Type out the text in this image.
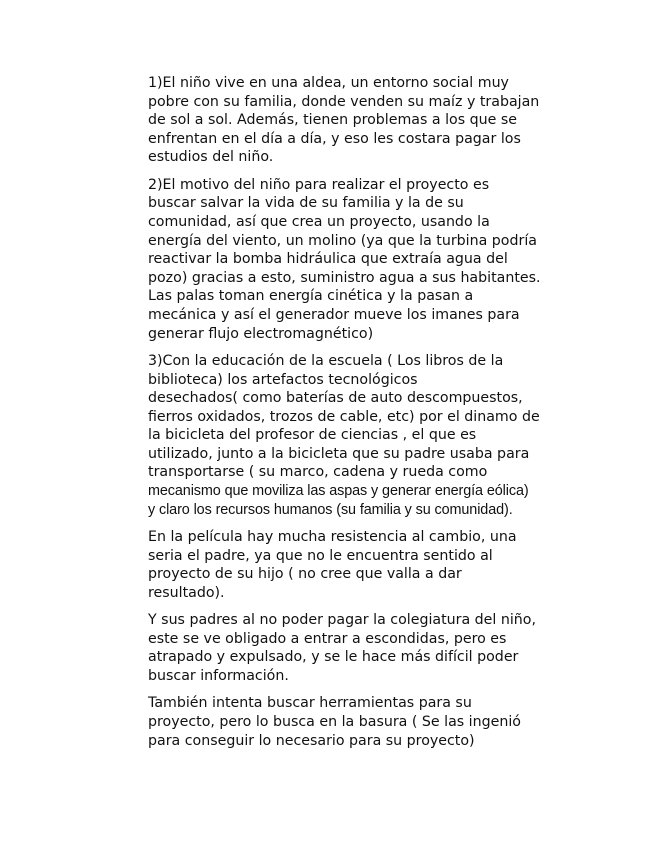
1)El niño vive en una aldea, un entorno social muy
pobre con su familia, donde venden su maíz y trabajan
de sol a sol. Además, tienen problemas a los que se
enfrentan en el día a día, y eso les costara pagar los
estudios del niño.

2)El motivo del niño para realizar el proyecto es
buscar salvar la vida de su familia y la de su
comunidad, así que crea un proyecto, usando la
energía del viento, un molino (ya que la turbina podría
reactivar la bomba hidráulica que extraía agua del
pozo) gracias a esto, suministro agua a sus habitantes.
Las palas toman energía cinética y la pasan a
mecánica y así el generador mueve los imanes para
generar flujo electromagnético)

3)Con la educación de la escuela ( Los libros de la
biblioteca) los artefactos tecnológicos
desechados( como baterías de auto descompuestos,
fierros oxidados, trozos de cable, etc) por el dinamo de
la bicicleta del profesor de ciencias , el que es
utilizado, junto a la bicicleta que su padre usaba para
transportarse ( su marco, cadena y rueda como
mecanismo que moviliza las aspas y generar energía eólica)
y claro los recursos humanos (su familia y su comunidad).

En la película hay mucha resistencia al cambio, una
seria el padre, ya que no le encuentra sentido al
proyecto de su hijo ( no cree que valla a dar
resultado).

Y sus padres al no poder pagar la colegiatura del niño,
este se ve obligado a entrar a escondidas, pero es
atrapado y expulsado, y se le hace más difícil poder
buscar información.

También intenta buscar herramientas para su
proyecto, pero lo busca en la basura ( Se las ingenió
para conseguir lo necesario para su proyecto)
